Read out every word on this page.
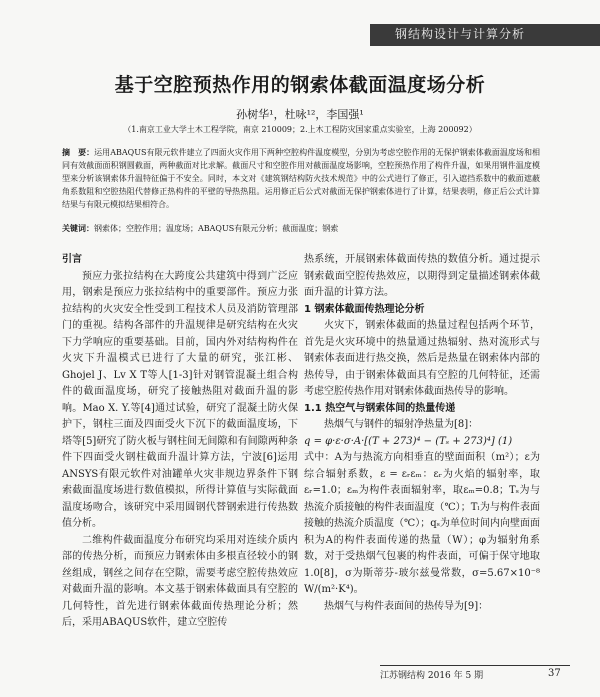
钢结构设计与计算分析
基于空腔预热作用的钢索体截面温度场分析
孙树华¹，杜咏¹²，李国强¹
（1.南京工业大学土木工程学院，南京 210009；2.上木工程防灾国家重点实验室，上海 200092）
摘　要：运用ABAQUS有限元软件建立了四面火灾作用下两种空腔构件温度模型，分别为考虑空腔作用的无保护钢索体截面温度场和相同有效截面面积钢圆截面，两种截面对比求解。截面尺寸和空腔作用对截面温度场影响，空腔预热作用了构件升温，如果用钢件温度模型来分析该钢索体升温特征偏于不安全。同时，本文对《建筑钢结构防火技术规范》中的公式进行了修正，引入遮挡系数中的截面遮蔽角系数阻和空腔热阻代替修正热构件的平壁的导热热阻。运用修正后公式对截面无保护钢索体进行了计算，结果表明，修正后公式计算结果与有限元模拟结果相符合。
关键词：钢索体；空腔作用；温度场；ABAQUS有限元分析；截面温度；钢索

引言

预应力张拉结构在大跨度公共建筑中得到广泛应用，钢索是预应力张拉结构中的重要部件。预应力张拉结构的火灾安全性受到工程技术人员及消防管理部门的重视。结构各部件的升温规律是研究结构在火灾下力学响应的重要基础。目前，国内外对结构构件在火灾下升温模式已进行了大量的研究，张江彬、Ghojel J、Lv X T等人[1-3]针对钢管混凝土组合构件的截面温度场，研究了接触热阻对截面升温的影响。Mao X. Y.等[4]通过试验，研究了混凝土防火保护下，钢柱三面及四面受火下沉下的截面温度场，下塔等[5]研究了防火板与钢柱间无间隙和有间隙两种条件下四面受火钢柱截面升温计算方法，宁波[6]运用ANSYS有限元软件对油罐单火灾非规边界条件下钢索截面温度场进行数值模拟，所得计算值与实际截面温度场吻合，该研究中采用圆钢代替钢索进行传热数值分析。

二维构件截面温度分布研究均采用对连续介质内部的传热分析，而预应力钢索体由多根直径较小的钢丝组成，钢丝之间存在空隙，需要考虑空腔传热效应对截面升温的影响。本文基于钢索体截面具有空腔的几何特性，首先进行钢索体截面传热理论分析；然后，采用ABAQUS软件，建立空腔传

热系统，开展钢索体截面传热的数值分析。通过提示钢索截面空腔传热效应，以期得到定量描述钢索体截面升温的计算方法。

1 钢索体截面传热理论分析

火灾下，钢索体截面的热量过程包括两个环节，首先是火灾环境中的热量通过热辐射、热对流形式与钢索体表面进行热交换，然后是热量在钢索体内部的热传导，由于钢索体截面具有空腔的几何特征，还需考虑空腔传热作用对钢索体截面热传导的影响。

1.1 热空气与钢索体间的热量传递

热烟气与钢件的辐射净热量为[8]：

q = φ·ε·σ·A·[(T + 273)⁴ − (Tₛ + 273)⁴] (1)

式中：A为与热流方向相垂直的壁面面积（m²）；ε为综合辐射系数，ε = εᵣεₘ：εᵣ为火焰的辐射率，取εᵣ=1.0；εₘ为构件表面辐射率，取εₘ=0.8；Tₛ为与热流介质接触的构件表面温度（℃）；Tₗ为与构件表面接触的热流介质温度（℃）；qₛ为单位时间内向壁面面积为A的构件表面传递的热量（W）；φ为辐射角系数，对于受热烟气包裹的构件表面，可偏于保守地取1.0[8]，σ为斯蒂芬-玻尔兹曼常数，σ=5.67×10⁻⁸ W/(m²·K⁴)。

热烟气与构件表面间的热传导为[9]：

江苏钢结构 2016 年 5 期	37
